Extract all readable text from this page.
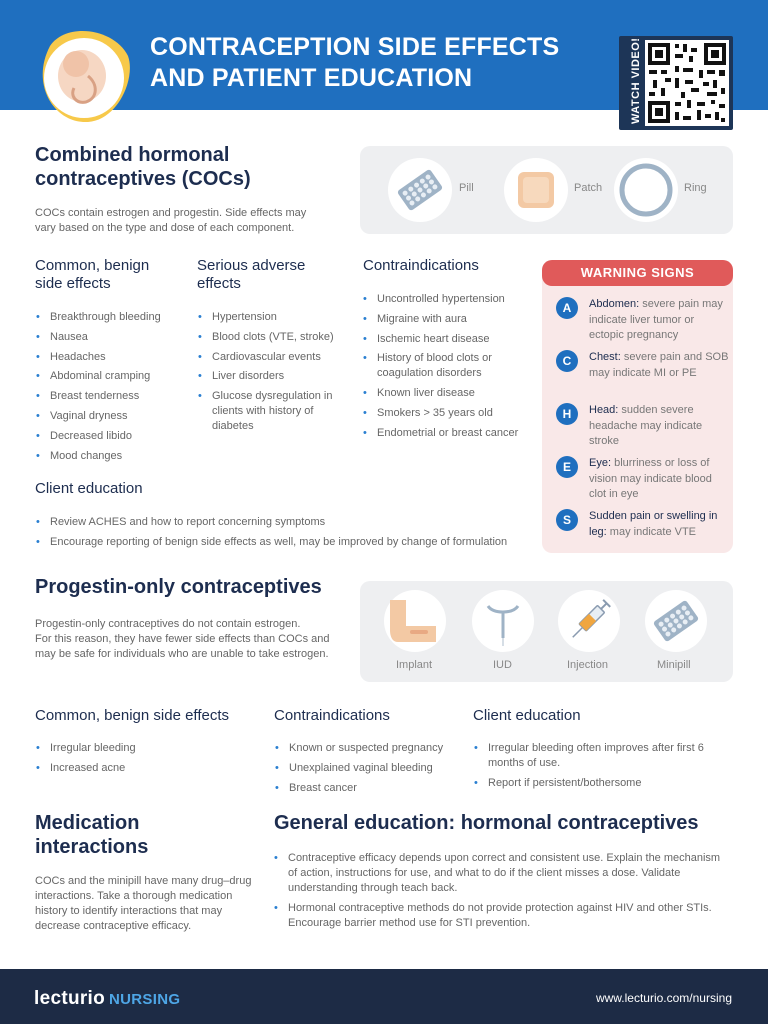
CONTRACEPTION SIDE EFFECTS
AND PATIENT EDUCATION	WATCH VIDEO!
Combined hormonal
contraceptives (COCs)
COCs contain estrogen and progestin. Side effects may
vary based on the type and dose of each component.
Pill	Patch	Ring
Common, benign
side effects
• Breakthrough bleeding
• Nausea
• Headaches
• Abdominal cramping
• Breast tenderness
• Vaginal dryness
• Decreased libido
• Mood changes
Serious adverse
effects
• Hypertension
• Blood clots (VTE, stroke)
• Cardiovascular events
• Liver disorders
• Glucose dysregulation in clients with history of diabetes
Contraindications
• Uncontrolled hypertension
• Migraine with aura
• Ischemic heart disease
• History of blood clots or coagulation disorders
• Known liver disease
• Smokers > 35 years old
• Endometrial or breast cancer
WARNING SIGNS
A	Abdomen: severe pain may indicate liver tumor or ectopic pregnancy
C	Chest: severe pain and SOB may indicate MI or PE
H	Head: sudden severe headache may indicate stroke
E	Eye: blurriness or loss of vision may indicate blood clot in eye
S	Sudden pain or swelling in leg: may indicate VTE
Client education
• Review ACHES and how to report concerning symptoms
• Encourage reporting of benign side effects as well, may be improved by change of formulation
Progestin-only contraceptives
Progestin-only contraceptives do not contain estrogen.
For this reason, they have fewer side effects than COCs and
may be safe for individuals who are unable to take estrogen.
Implant	IUD	Injection	Minipill
Common, benign side effects
• Irregular bleeding
• Increased acne
Contraindications
• Known or suspected pregnancy
• Unexplained vaginal bleeding
• Breast cancer
Client education
• Irregular bleeding often improves after first 6 months of use.
• Report if persistent/bothersome
Medication
interactions
COCs and the minipill have many drug–drug interactions. Take a thorough medication history to identify interactions that may decrease contraceptive efficacy.
General education: hormonal contraceptives
• Contraceptive efficacy depends upon correct and consistent use. Explain the mechanism of action, instructions for use, and what to do if the client misses a dose. Validate understanding through teach back.
• Hormonal contraceptive methods do not provide protection against HIV and other STIs. Encourage barrier method use for STI prevention.
lecturio NURSING	www.lecturio.com/nursing
